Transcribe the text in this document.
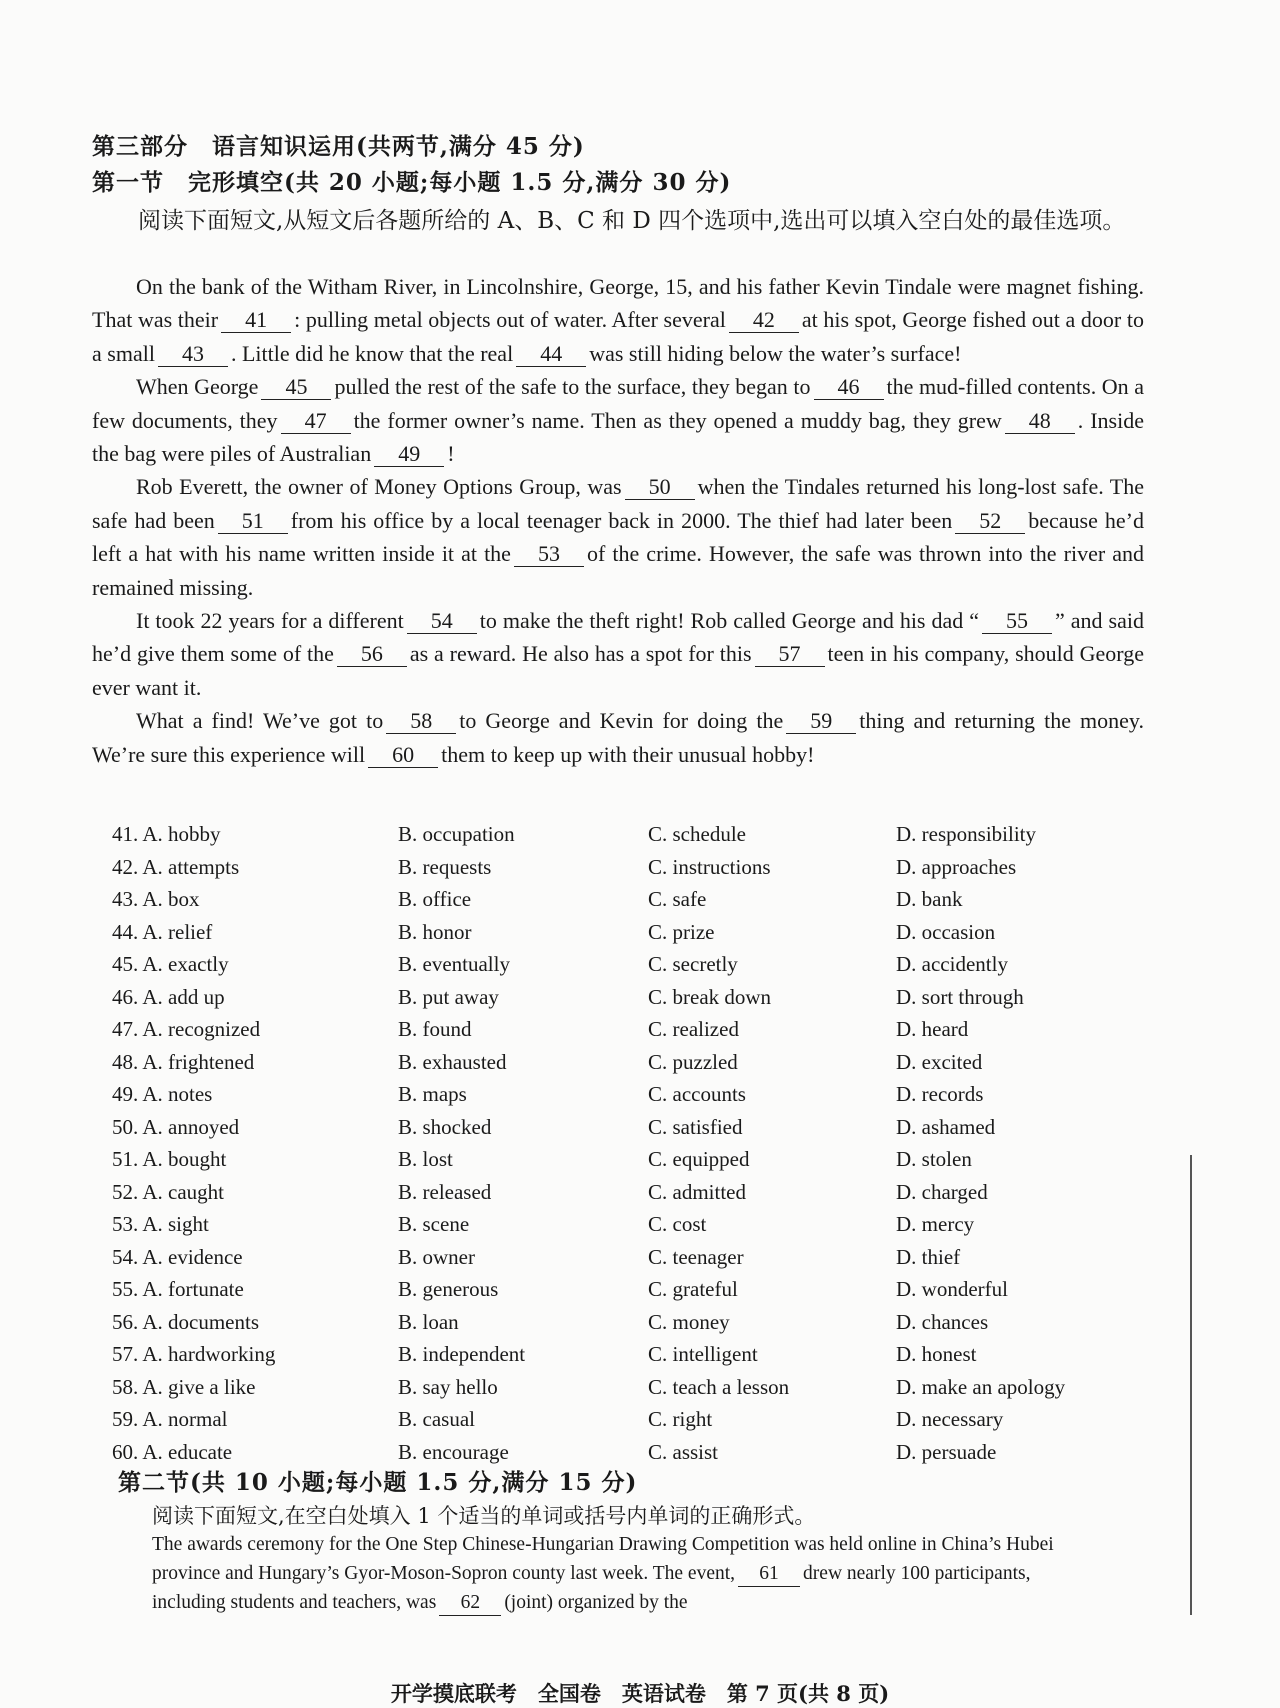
第三部分　语言知识运用(共两节,满分 45 分)
第一节　完形填空(共 20 小题;每小题 1.5 分,满分 30 分)
阅读下面短文,从短文后各题所给的 A、B、C 和 D 四个选项中,选出可以填入空白处的最佳选项。

On the bank of the Witham River, in Lincolnshire, George, 15, and his father Kevin Tindale were magnet fishing. That was their 41 : pulling metal objects out of water. After several 42 at his spot, George fished out a door to a small 43 . Little did he know that the real 44 was still hiding below the water’s surface!

When George 45 pulled the rest of the safe to the surface, they began to 46 the mud-filled contents. On a few documents, they 47 the former owner’s name. Then as they opened a muddy bag, they grew 48 . Inside the bag were piles of Australian 49 !

Rob Everett, the owner of Money Options Group, was 50 when the Tindales returned his long-lost safe. The safe had been 51 from his office by a local teenager back in 2000. The thief had later been 52 because he’d left a hat with his name written inside it at the 53 of the crime. However, the safe was thrown into the river and remained missing.

It took 22 years for a different 54 to make the theft right! Rob called George and his dad “ 55 ” and said he’d give them some of the 56 as a reward. He also has a spot for this 57 teen in his company, should George ever want it.

What a find! We’ve got to 58 to George and Kevin for doing the 59 thing and returning the money. We’re sure this experience will 60 them to keep up with their unusual hobby!

41. A. hobby	B. occupation	C. schedule	D. responsibility
42. A. attempts	B. requests	C. instructions	D. approaches
43. A. box	B. office	C. safe	D. bank
44. A. relief	B. honor	C. prize	D. occasion
45. A. exactly	B. eventually	C. secretly	D. accidently
46. A. add up	B. put away	C. break down	D. sort through
47. A. recognized	B. found	C. realized	D. heard
48. A. frightened	B. exhausted	C. puzzled	D. excited
49. A. notes	B. maps	C. accounts	D. records
50. A. annoyed	B. shocked	C. satisfied	D. ashamed
51. A. bought	B. lost	C. equipped	D. stolen
52. A. caught	B. released	C. admitted	D. charged
53. A. sight	B. scene	C. cost	D. mercy
54. A. evidence	B. owner	C. teenager	D. thief
55. A. fortunate	B. generous	C. grateful	D. wonderful
56. A. documents	B. loan	C. money	D. chances
57. A. hardworking	B. independent	C. intelligent	D. honest
58. A. give a like	B. say hello	C. teach a lesson	D. make an apology
59. A. normal	B. casual	C. right	D. necessary
60. A. educate	B. encourage	C. assist	D. persuade
第二节(共 10 小题;每小题 1.5 分,满分 15 分)
阅读下面短文,在空白处填入 1 个适当的单词或括号内单词的正确形式。

The awards ceremony for the One Step Chinese-Hungarian Drawing Competition was held online in China’s Hubei province and Hungary’s Gyor-Moson-Sopron county last week. The event, 61 drew nearly 100 participants, including students and teachers, was 62 (joint) organized by the

开学摸底联考　全国卷　英语试卷　第 7 页(共 8 页)
